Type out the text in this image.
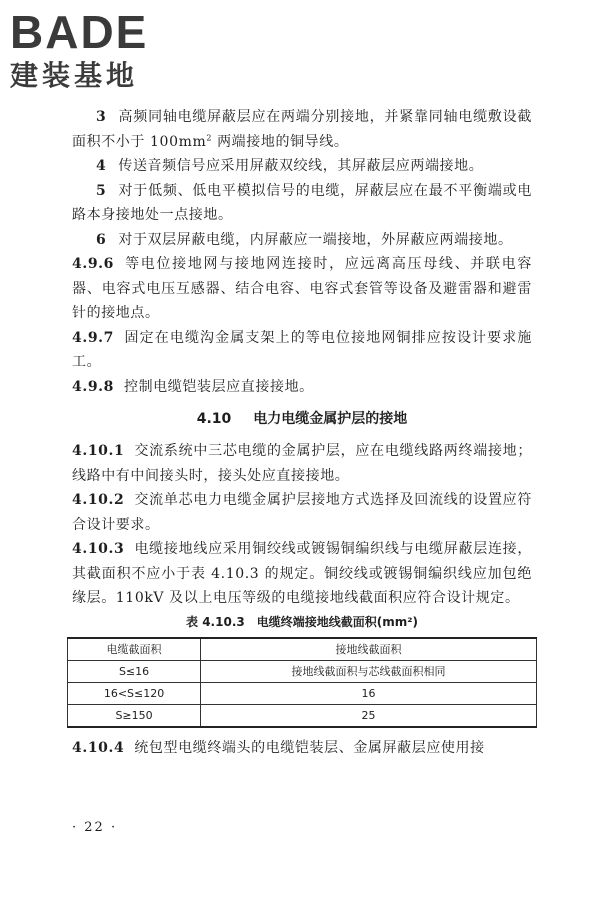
BADE
建装基地

3 高频同轴电缆屏蔽层应在两端分别接地，并紧靠同轴电缆敷设截面积不小于 $100mm^2$ 两端接地的铜导线。

4 传送音频信号应采用屏蔽双绞线，其屏蔽层应两端接地。

5 对于低频、低电平模拟信号的电缆，屏蔽层应在最不平衡端或电路本身接地处一点接地。

6 对于双层屏蔽电缆，内屏蔽应一端接地，外屏蔽应两端接地。

4.9.6 等电位接地网与接地网连接时，应远离高压母线、并联电容器、电容式电压互感器、结合电容、电容式套管等设备及避雷器和避雷针的接地点。

4.9.7 固定在电缆沟金属支架上的等电位接地网铜排应按设计要求施工。

4.9.8 控制电缆铠装层应直接接地。

4.10 电力电缆金属护层的接地

4.10.1 交流系统中三芯电缆的金属护层，应在电缆线路两终端接地；线路中有中间接头时，接头处应直接接地。

4.10.2 交流单芯电力电缆金属护层接地方式选择及回流线的设置应符合设计要求。

4.10.3 电缆接地线应采用铜绞线或镀锡铜编织线与电缆屏蔽层连接，其截面积不应小于表 4.10.3 的规定。铜绞线或镀锡铜编织线应加包绝缘层。110kV 及以上电压等级的电缆接地线截面积应符合设计规定。

表 4.10.3 电缆终端接地线截面积(mm²)
电缆截面积	接地线截面积
S≤16	接地线截面积与芯线截面积相同
16<S≤120	16
S≥150	25

4.10.4 统包型电缆终端头的电缆铠装层、金属屏蔽层应使用接

· 22 ·
